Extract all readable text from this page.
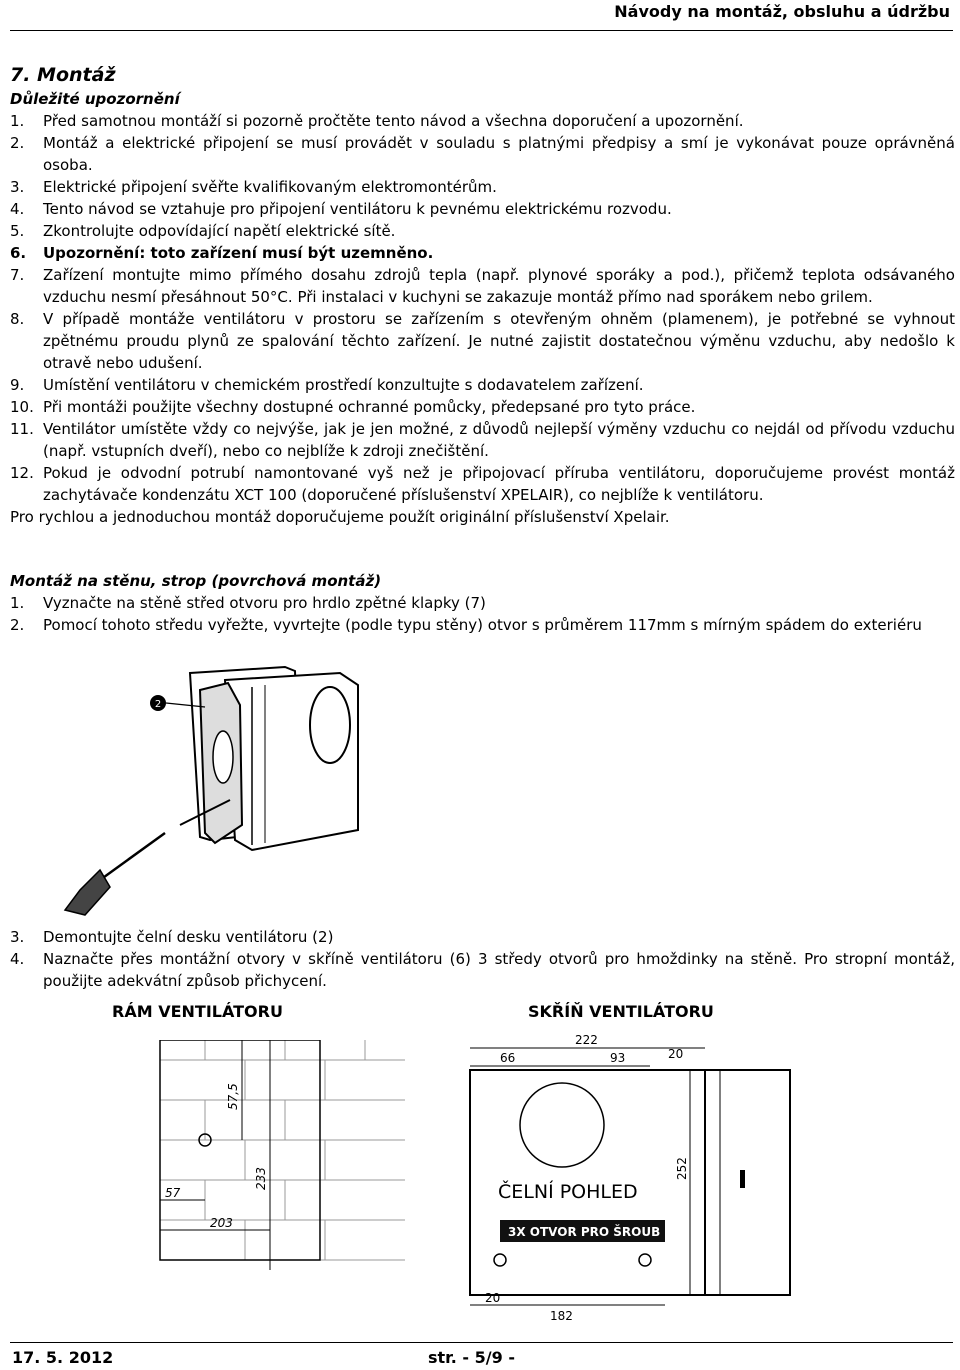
Návody na montáž, obsluhu a údržbu
7. Montáž
Důležité upozornění
1.	Před samotnou montáží si pozorně pročtěte tento návod a všechna doporučení a upozornění.
2.	Montáž a elektrické připojení se musí provádět v souladu s platnými předpisy a smí je vykonávat pouze oprávněná osoba.
3.	Elektrické připojení svěřte kvalifikovaným elektromontérům.
4.	Tento návod se vztahuje pro připojení ventilátoru k pevnému elektrickému rozvodu.
5.	Zkontrolujte odpovídající napětí elektrické sítě.
6.	Upozornění: toto zařízení musí být uzemněno.
7.	Zařízení montujte mimo přímého dosahu zdrojů tepla (např. plynové sporáky a pod.), přičemž teplota odsávaného vzduchu nesmí přesáhnout 50°C. Při instalaci v kuchyni se zakazuje montáž přímo nad sporákem nebo grilem.
8.	V případě montáže ventilátoru v prostoru se zařízením s otevřeným ohněm (plamenem), je potřebné se vyhnout zpětnému proudu plynů ze spalování těchto zařízení. Je nutné zajistit dostatečnou výměnu vzduchu, aby nedošlo k otravě nebo udušení.
9.	Umístění ventilátoru v chemickém prostředí konzultujte s dodavatelem zařízení.
10. Při montáži použijte všechny dostupné ochranné pomůcky, předepsané pro tyto práce.
11. Ventilátor umístěte vždy co nejvýše, jak je jen možné, z důvodů nejlepší výměny vzduchu co nejdál od přívodu vzduchu (např. vstupních dveří), nebo co nejblíže k zdroji znečištění.
12. Pokud je odvodní potrubí namontované vyš než je připojovací příruba ventilátoru, doporučujeme provést montáž zachytávače kondenzátu XCT 100 (doporučené příslušenství XPELAIR), co nejblíže k ventilátoru.

Pro rychlou a jednoduchou montáž doporučujeme použít originální příslušenství Xpelair.

Montáž na stěnu, strop (povrchová montáž)
1.	Vyznačte na stěně střed otvoru pro hrdlo zpětné klapky (7)
2.	Pomocí tohoto středu vyřežte, vyvrtejte (podle typu stěny) otvor s průměrem 117mm s mírným spádem do exteriéru
2
3.	Demontujte čelní desku ventilátoru (2)
4.	Naznačte přes montážní otvory v skříně ventilátoru (6) 3 středy otvorů pro hmoždinky na stěně. Pro stropní montáž, použijte adekvátní způsob přichycení.
RÁM VENTILÁTORU	SKŘÍŇ VENTILÁTORU
57,5
233
57
203
222
66	93	20
ČELNÍ POHLED
3X OTVOR PRO ŠROUB
252
20
182
17. 5. 2012	str. - 5/9 -
